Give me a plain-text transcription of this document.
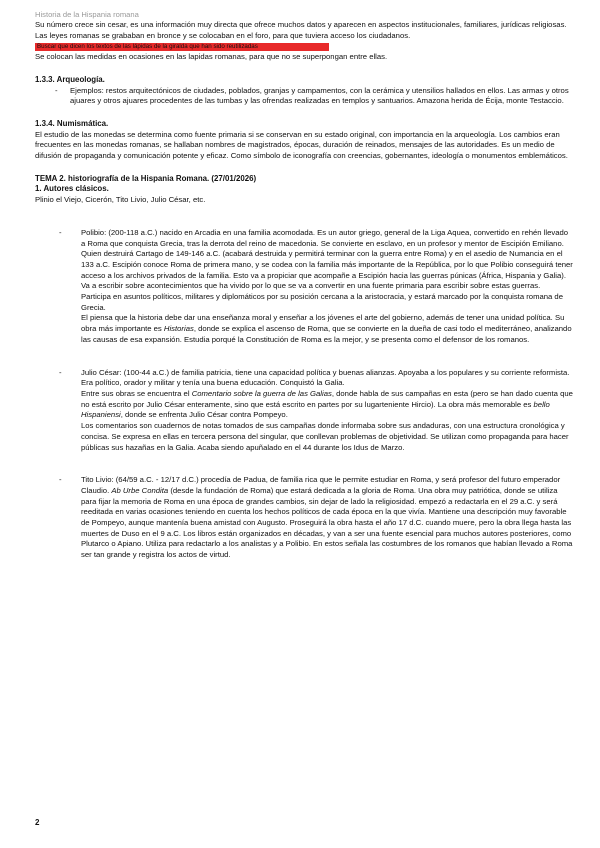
Historia de la Hispania romana

Su número crece sin cesar, es una información muy directa que ofrece muchos datos y aparecen en aspectos institucionales, familiares, jurídicas religiosas. Las leyes romanas se grababan en bronce y se colocaban en el foro, para que tuviera acceso los ciudadanos.

Buscar que dicen los textos de las lápidas de la giralda que han sido reutilizadas

Se colocan las medidas en ocasiones en las lapidas romanas, para que no se superpongan entre ellas.

1.3.3. Arqueología.
- Ejemplos: restos arquitectónicos de ciudades, poblados, granjas y campamentos, con la cerámica y utensilios hallados en ellos. Las armas y otros ajuares y otros ajuares procedentes de las tumbas y las ofrendas realizadas en templos y santuarios. Amazona herida de Écija, monte Testaccio.
1.3.4. Numismática.

El estudio de las monedas se determina como fuente primaria si se conservan en su estado original, con importancia en la arqueología. Los cambios eran frecuentes en las monedas romanas, se hallaban nombres de magistrados, épocas, duración de reinados, mensajes de las autoridades. Es un medio de difusión de propaganda y comunicación potente y eficaz. Como símbolo de iconografía con creencias, gobernantes, ideología o monumentos emblemáticos.

TEMA 2. historiografía de la Hispania Romana. (27/01/2026)
1. Autores clásicos.

Plinio el Viejo, Cicerón, Tito Livio, Julio César, etc.

-	Polibio: (200-118 a.C.) nacido en Arcadia en una familia acomodada. Es un autor griego, general de la Liga Aquea, convertido en rehén llevado a Roma que conquista Grecia, tras la derrota del reino de macedonia. Se convierte en esclavo, en un profesor y mentor de Escipión Emiliano. Quien destruirá Cartago de 149-146 a.C. (acabará destruida y permitirá terminar con la guerra entre Roma) y en el asedio de Numancia en el 133 a.C. Escipión conoce Roma de primera mano, y se codea con la familia más importante de la República, por lo que Polibio conseguirá tener acceso a los archivos privados de la familia. Esto va a propiciar que acompañe a Escipión hacia las guerras púnicas (África, Hispania y Galia). Va a escribir sobre acontecimientos que ha vivido por lo que se va a convertir en una fuente primaria para escribir sobre estas guerras.

Participa en asuntos políticos, militares y diplomáticos por su posición cercana a la aristocracia, y estará marcado por la conquista romana de Grecia.

El piensa que la historia debe dar una enseñanza moral y enseñar a los jóvenes el arte del gobierno, además de tener una unidad política. Su obra más importante es Historias, donde se explica el ascenso de Roma, que se convierte en la dueña de casi todo el mediterráneo, analizando las causas de esa expansión. Estudia porqué la Constitución de Roma es la mejor, y se presenta como el defensor de los romanos.

-	Julio César: (100-44 a.C.) de familia patricia, tiene una capacidad política y buenas alianzas. Apoyaba a los populares y su corriente reformista. Era político, orador y militar y tenía una buena educación. Conquistó la Galia.

Entre sus obras se encuentra el Comentario sobre la guerra de las Galias, donde habla de sus campañas en esta (pero se han dado cuenta que no está escrito por Julio César enteramente, sino que está escrito en partes por su lugarteniente Hircio). La obra más memorable es bello Hispaniensi, donde se enfrenta Julio César contra Pompeyo.

Los comentarios son cuadernos de notas tomados de sus campañas donde informaba sobre sus andaduras, con una estructura cronológica y concisa. Se expresa en ellas en tercera persona del singular, que conllevan problemas de objetividad. Se utilizan como propaganda para hacer públicas sus hazañas en la Galia. Acaba siendo apuñalado en el 44 durante los Idus de Marzo.

-	Tito Livio: (64/59 a.C. - 12/17 d.C.) procedía de Padua, de familia rica que le permite estudiar en Roma, y será profesor del futuro emperador Claudio. Ab Urbe Condita (desde la fundación de Roma) que estará dedicada a la gloria de Roma. Una obra muy patriótica, donde se utiliza para fijar la memoria de Roma en una época de grandes cambios, sin dejar de lado la religiosidad. empezó a redactarla en el 29 a.C. y será reeditada en varias ocasiones teniendo en cuenta los hechos políticos de cada época en la que vivía. Mantiene una descripción muy favorable de Pompeyo, aunque mantenía buena amistad con Augusto. Proseguirá la obra hasta el año 17 d.C. cuando muere, pero la obra llega hasta las muertes de Duso en el 9 a.C. Los libros están organizados en décadas, y van a ser una fuente esencial para muchos autores posteriores, como Plutarco o Apiano. Utiliza para redactarlo a los analistas y a Polibio. En estos señala las costumbres de los romanos que habían llevado a Roma ser tan grande y registra los actos de virtud.

2
